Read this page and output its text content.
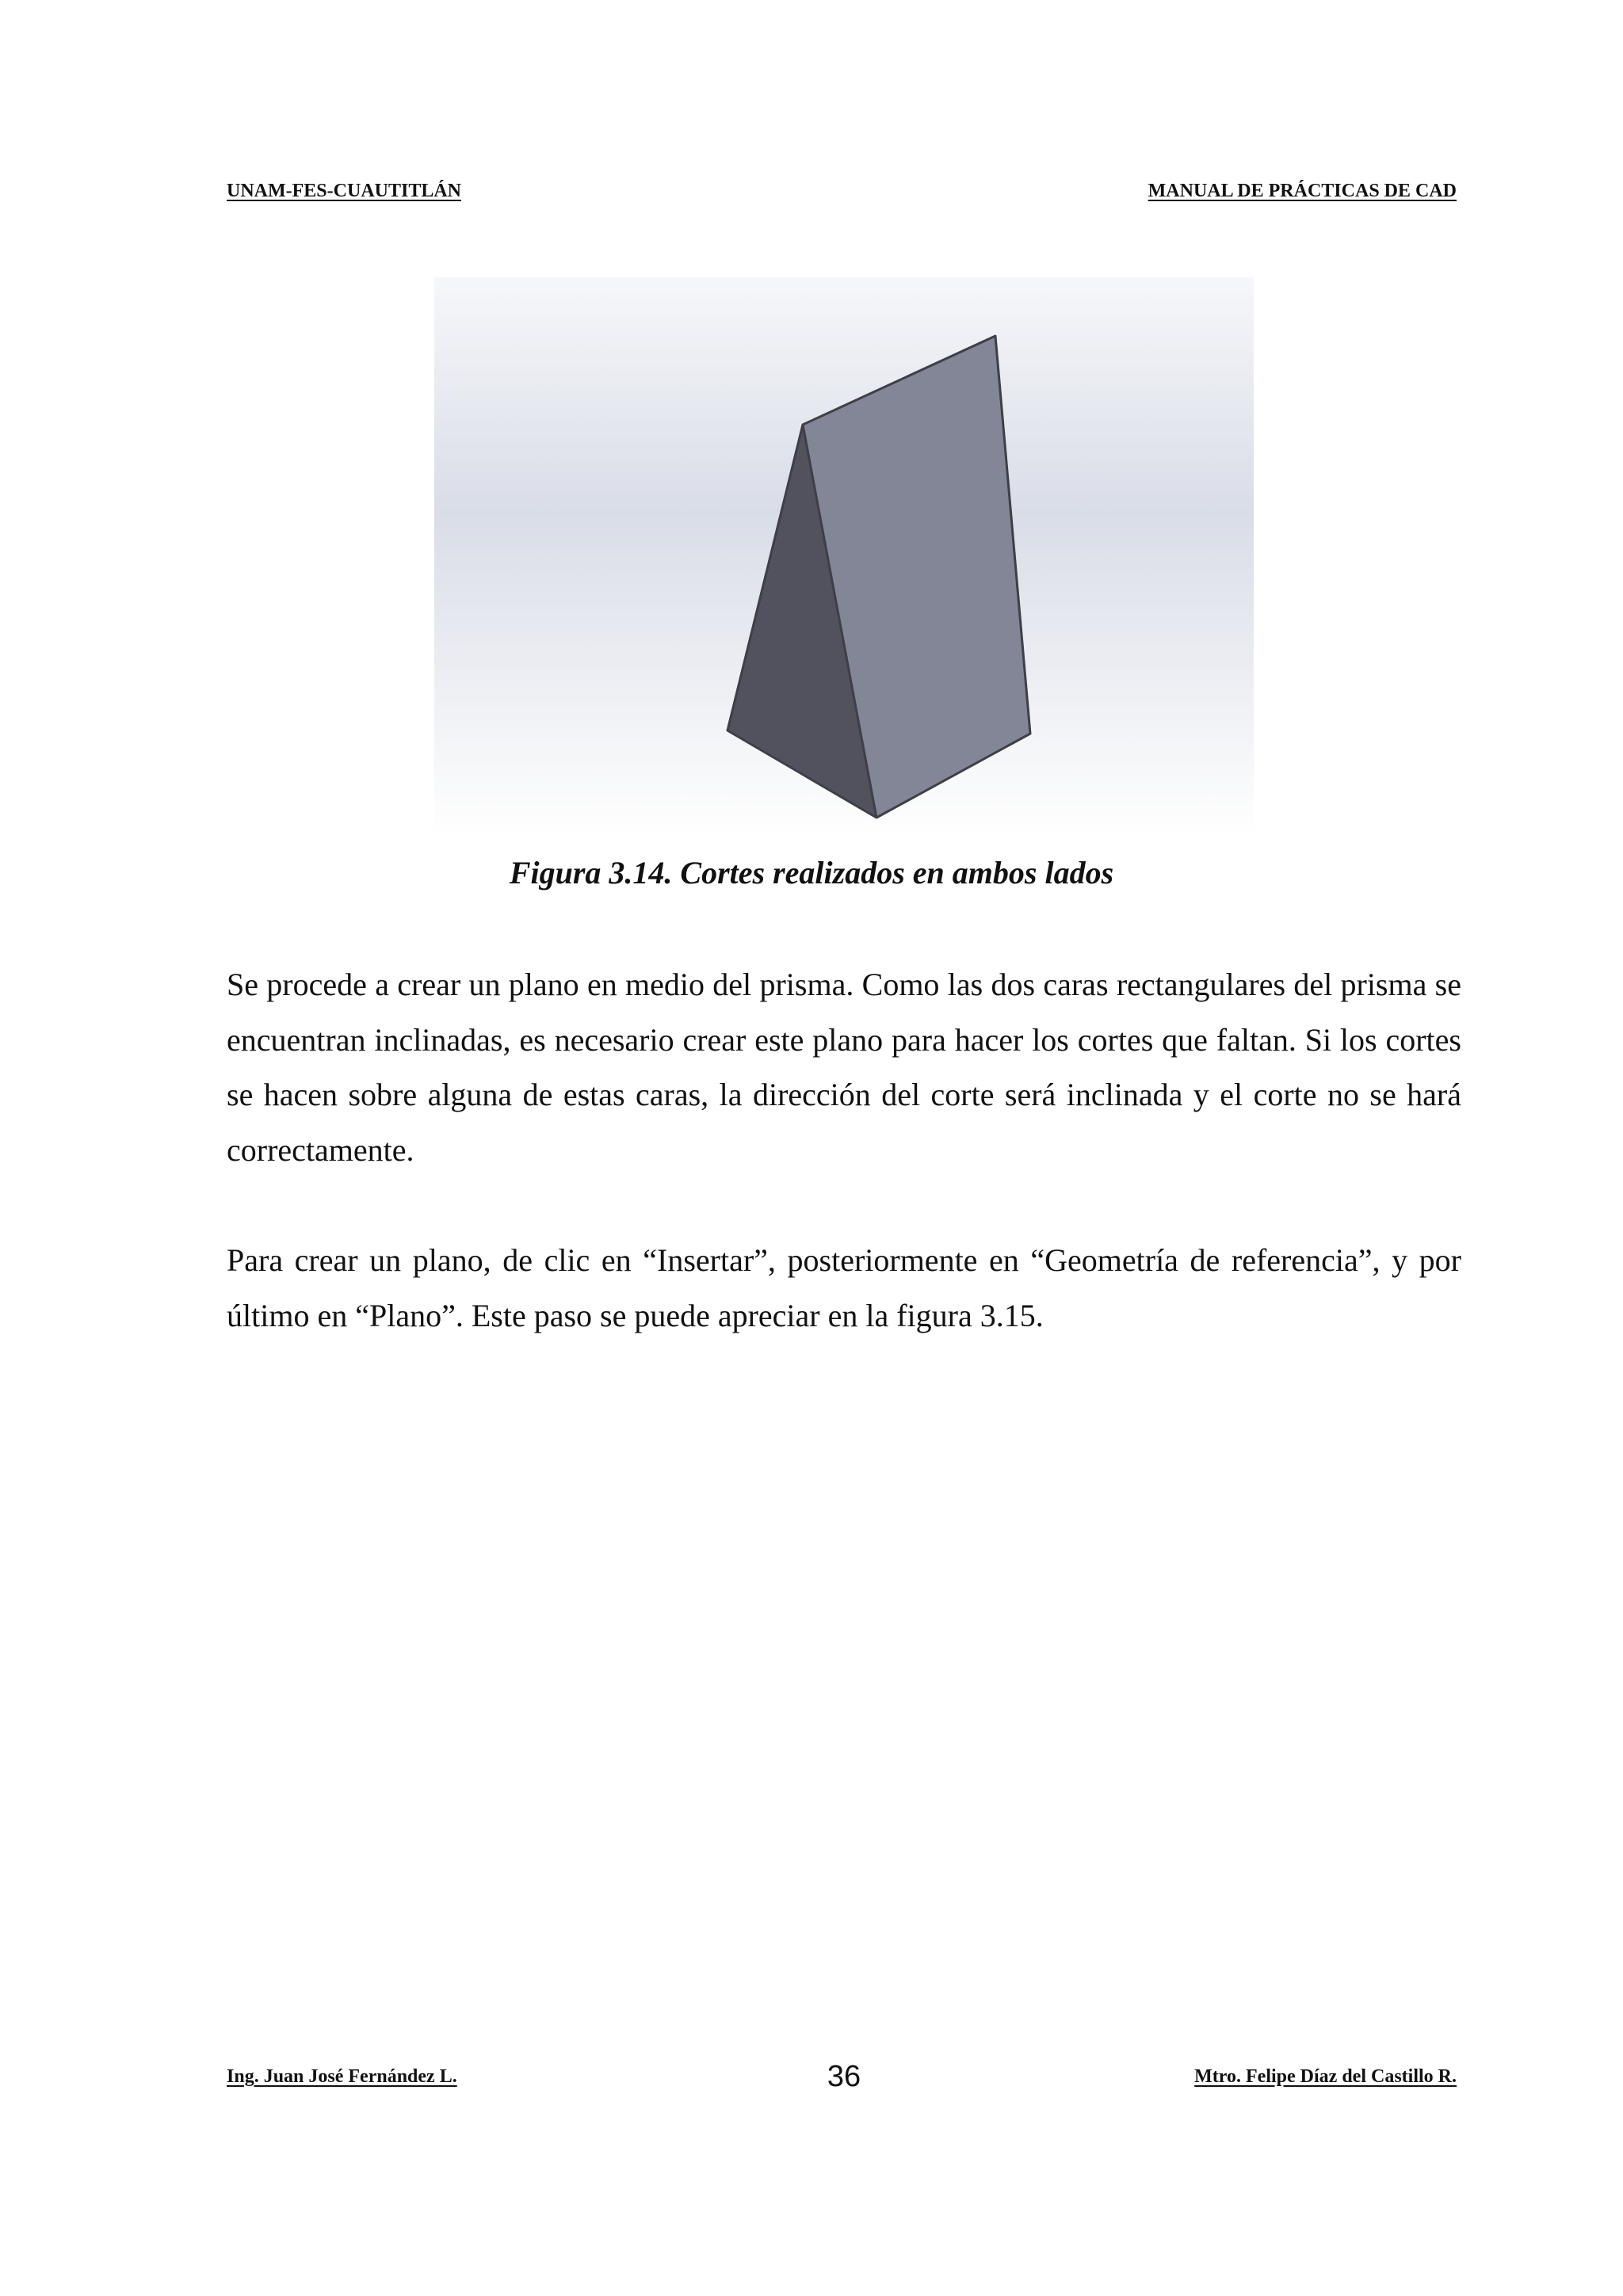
UNAM-FES-CUAUTITLÁN	MANUAL DE PRÁCTICAS DE CAD
Figura 3.14. Cortes realizados en ambos lados

Se procede a crear un plano en medio del prisma. Como las dos caras rectangulares del prisma se encuentran inclinadas, es necesario crear este plano para hacer los cortes que faltan. Si los cortes se hacen sobre alguna de estas caras, la dirección del corte será inclinada y el corte no se hará correctamente.

Para crear un plano, de clic en “Insertar”, posteriormente en “Geometría de referencia”, y por último en “Plano”. Este paso se puede apreciar en la figura 3.15.

Ing. Juan José Fernández L.	36	Mtro. Felipe Díaz del Castillo R.
